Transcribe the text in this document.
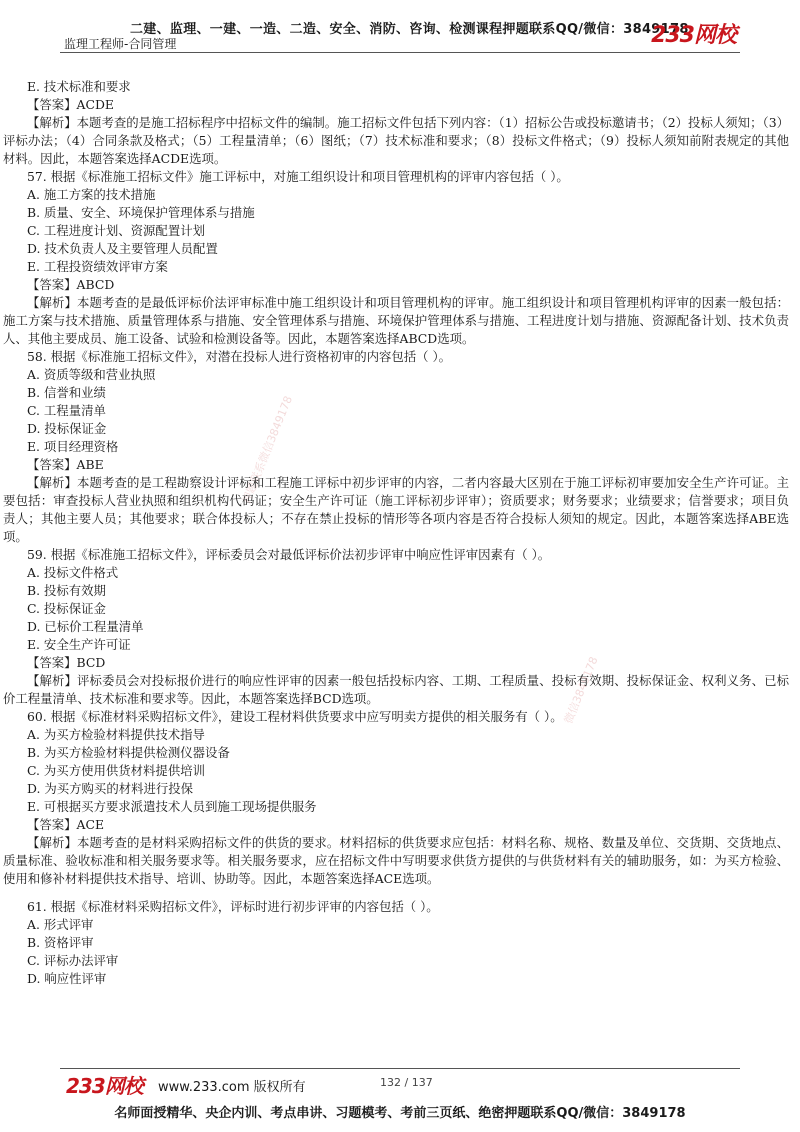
二建、监理、一建、一造、二造、安全、消防、咨询、检测课程押题联系QQ/微信：3849178
监理工程师-合同管理	233网校
押题联系微信3849178
微信3849178
E. 技术标准和要求
【答案】ACDE
【解析】本题考查的是施工招标程序中招标文件的编制。施工招标文件包括下列内容：（1）招标公告或投标邀请书；（2）投标人须知；（3）评标办法；（4）合同条款及格式；（5）工程量清单；（6）图纸；（7）技术标准和要求；（8）投标文件格式；（9）投标人须知前附表规定的其他材料。因此，本题答案选择ACDE选项。
57. 根据《标准施工招标文件》施工评标中，对施工组织设计和项目管理机构的评审内容包括（ ）。
A. 施工方案的技术措施
B. 质量、安全、环境保护管理体系与措施
C. 工程进度计划、资源配置计划
D. 技术负责人及主要管理人员配置
E. 工程投资绩效评审方案
【答案】ABCD
【解析】本题考查的是最低评标价法评审标准中施工组织设计和项目管理机构的评审。施工组织设计和项目管理机构评审的因素一般包括：施工方案与技术措施、质量管理体系与措施、安全管理体系与措施、环境保护管理体系与措施、工程进度计划与措施、资源配备计划、技术负责人、其他主要成员、施工设备、试验和检测设备等。因此，本题答案选择ABCD选项。
58. 根据《标准施工招标文件》，对潜在投标人进行资格初审的内容包括（ ）。
A. 资质等级和营业执照
B. 信誉和业绩
C. 工程量清单
D. 投标保证金
E. 项目经理资格
【答案】ABE
【解析】本题考查的是工程勘察设计评标和工程施工评标中初步评审的内容，二者内容最大区别在于施工评标初审要加安全生产许可证。主要包括：审查投标人营业执照和组织机构代码证；安全生产许可证（施工评标初步评审）；资质要求；财务要求；业绩要求；信誉要求；项目负责人；其他主要人员；其他要求；联合体投标人；不存在禁止投标的情形等各项内容是否符合投标人须知的规定。因此，本题答案选择ABE选项。
59. 根据《标准施工招标文件》，评标委员会对最低评标价法初步评审中响应性评审因素有（ ）。
A. 投标文件格式
B. 投标有效期
C. 投标保证金
D. 已标价工程量清单
E. 安全生产许可证
【答案】BCD
【解析】评标委员会对投标报价进行的响应性评审的因素一般包括投标内容、工期、工程质量、投标有效期、投标保证金、权利义务、已标价工程量清单、技术标准和要求等。因此，本题答案选择BCD选项。
60. 根据《标准材料采购招标文件》，建设工程材料供货要求中应写明卖方提供的相关服务有（ ）。
A. 为买方检验材料提供技术指导
B. 为买方检验材料提供检测仪器设备
C. 为买方使用供货材料提供培训
D. 为买方购买的材料进行投保
E. 可根据买方要求派遣技术人员到施工现场提供服务
【答案】ACE
【解析】本题考查的是材料采购招标文件的供货的要求。材料招标的供货要求应包括：材料名称、规格、数量及单位、交货期、交货地点、质量标准、验收标准和相关服务要求等。相关服务要求，应在招标文件中写明要求供货方提供的与供货材料有关的辅助服务，如：为买方检验、使用和修补材料提供技术指导、培训、协助等。因此，本题答案选择ACE选项。
61. 根据《标准材料采购招标文件》，评标时进行初步评审的内容包括（ ）。
A. 形式评审
B. 资格评审
C. 评标办法评审
D. 响应性评审
233网校 www.233.com 版权所有	132 / 137
名师面授精华、央企内训、考点串讲、习题模考、考前三页纸、绝密押题联系QQ/微信：3849178
